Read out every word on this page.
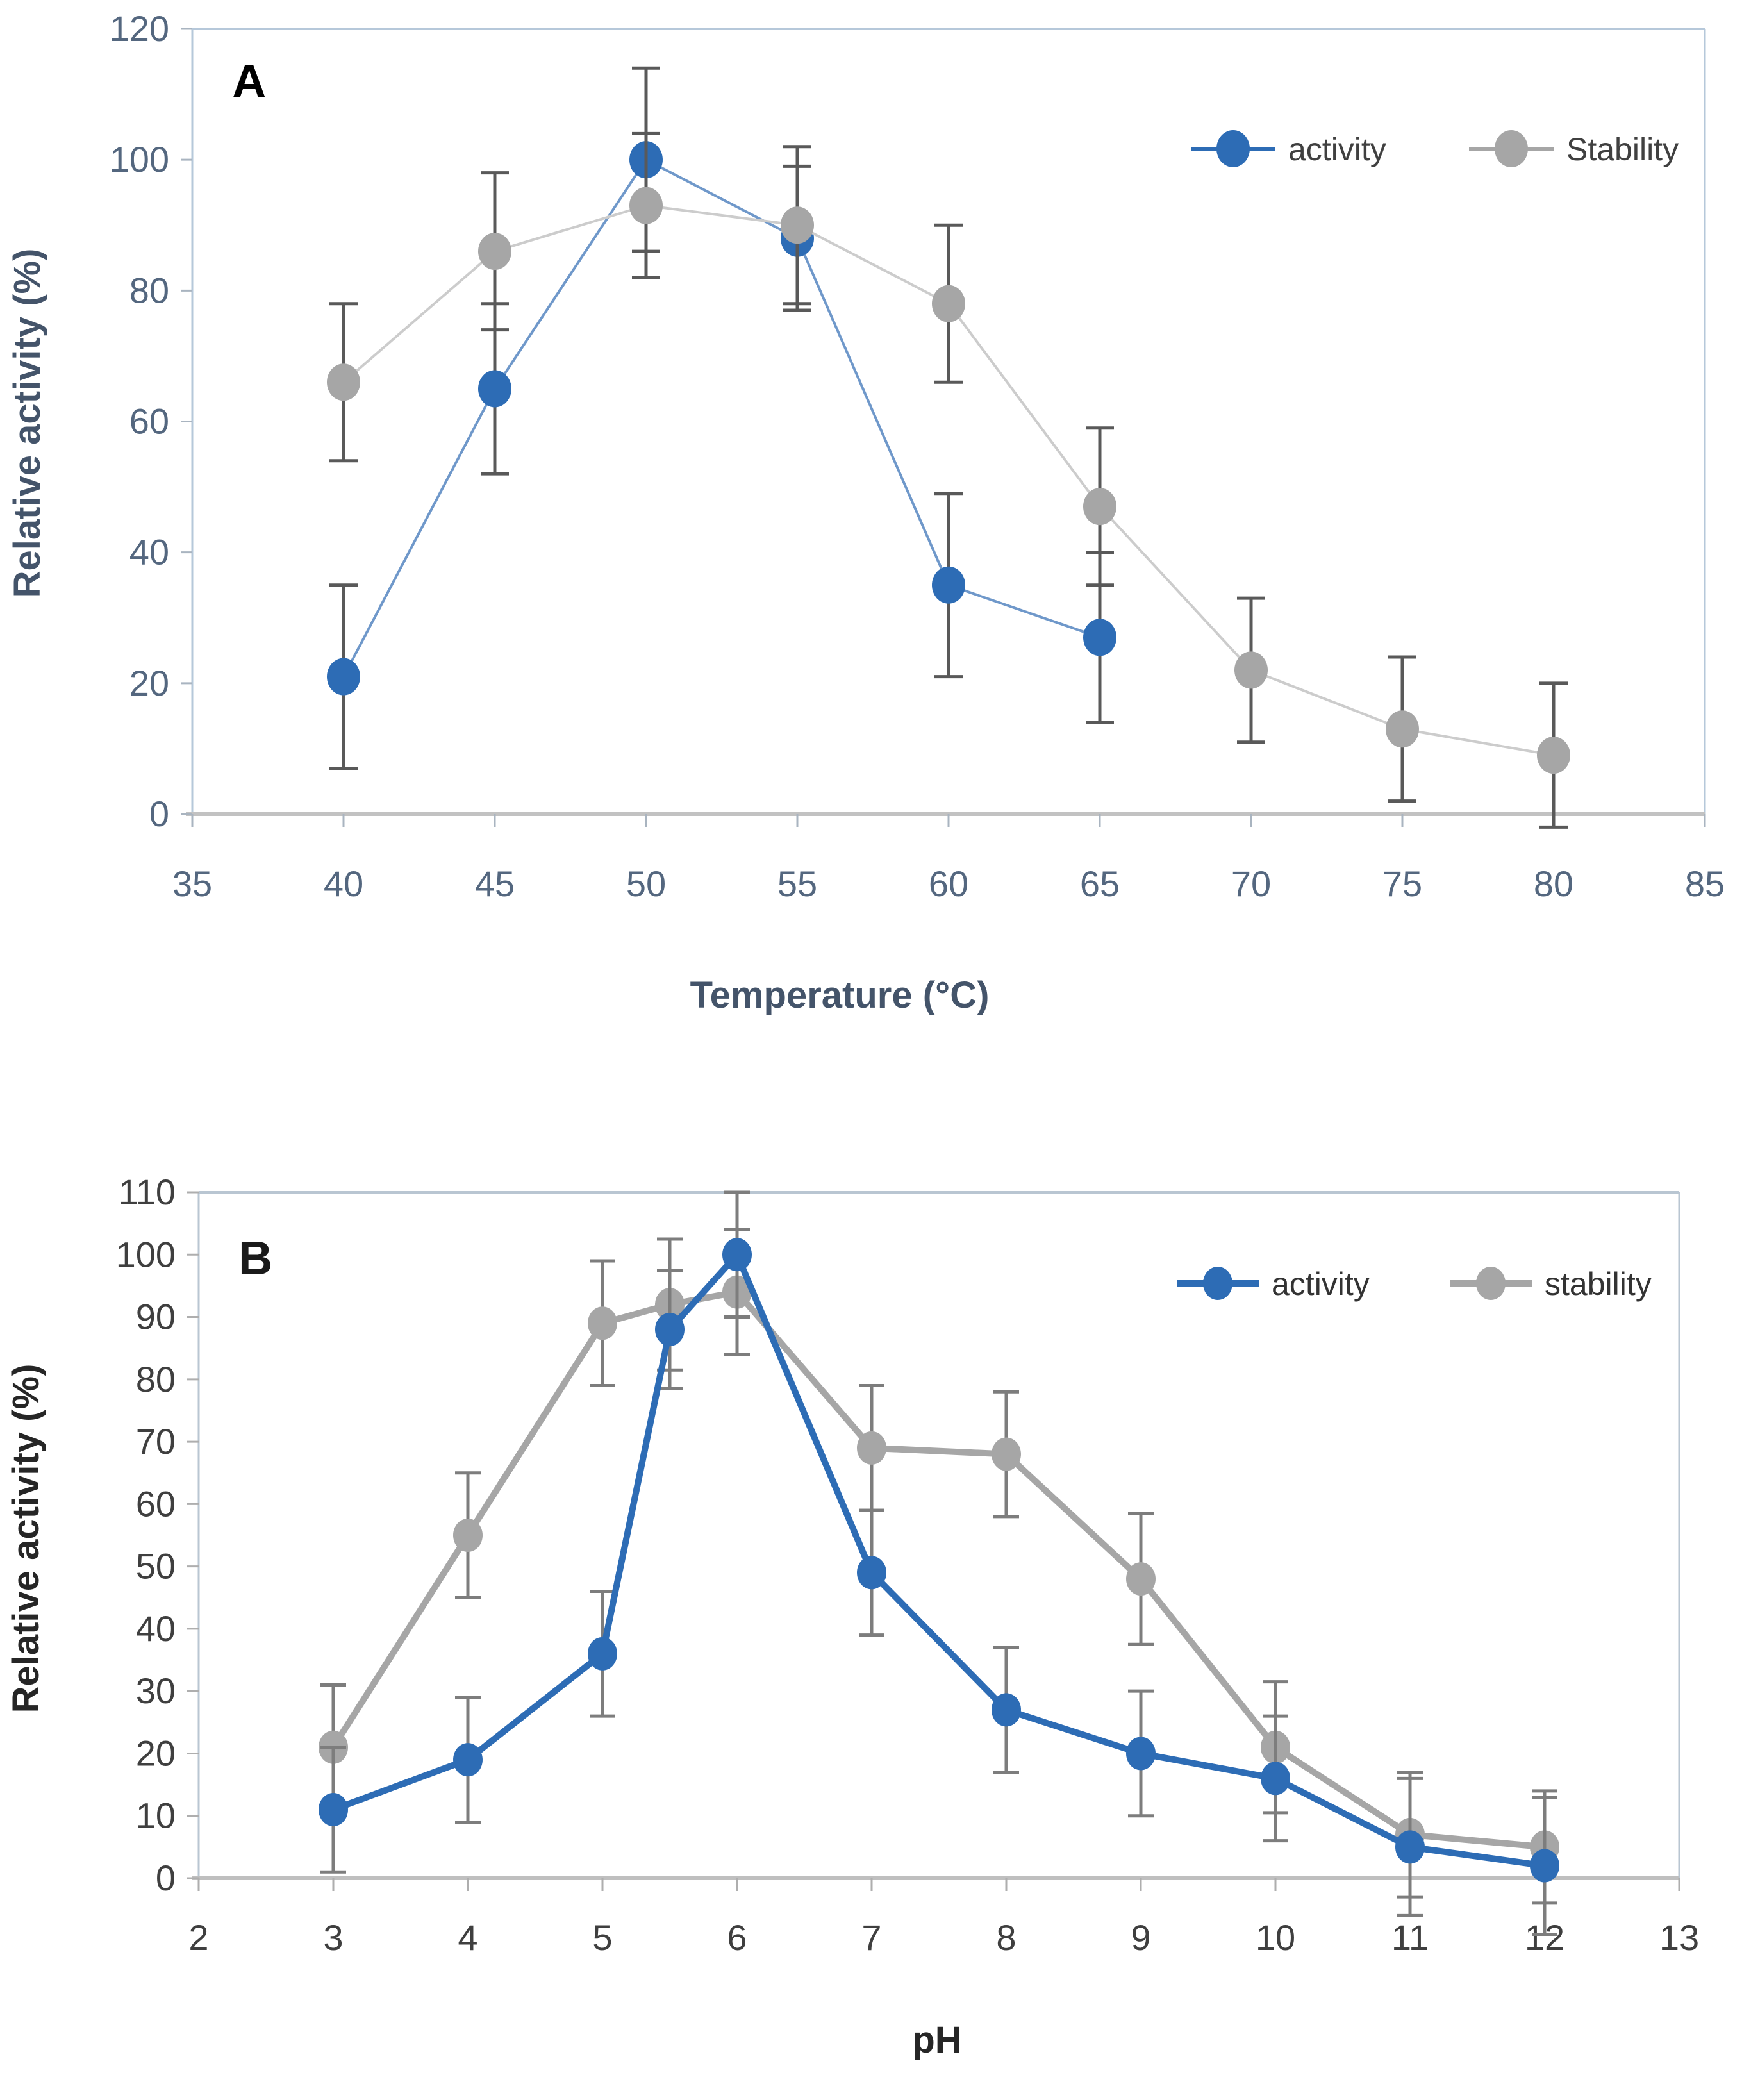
0
20
40
60
80
100
120
35	40	45	50	55	60	65	70	75	80	85
activity	Stability
A
Temperature (°C)
Relative activity (%)
0
10
20
30
40
50
60
70
80
90
100
110
2	3	4	5	6	7	8	9	10	11	12	13
activity	stability
B
pH
Relative activity (%)
